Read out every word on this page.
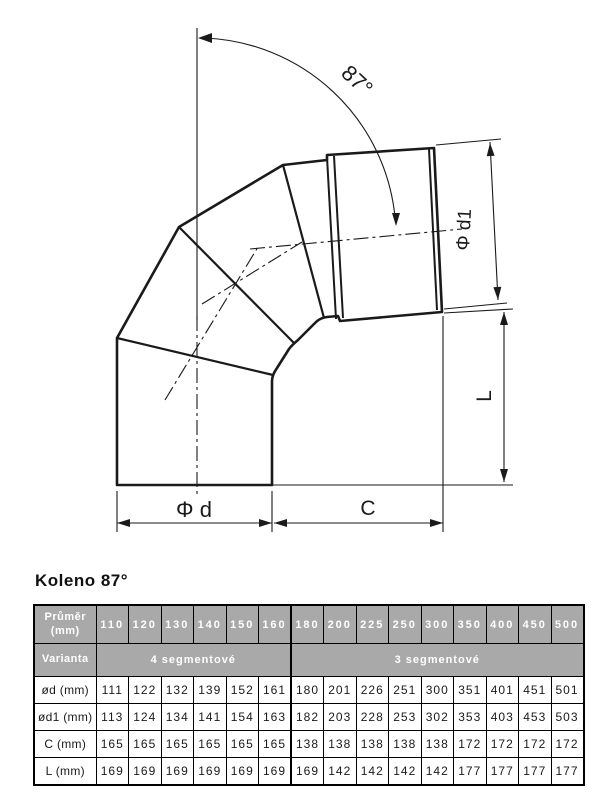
87°
Φ d1
L
Φ d	C
Koleno 87°
Průměr (mm)	110	120	130	140	150	160	180	200	225	250	300	350	400	450	500
Varianta	4 segmentové						3 segmentové								
ød (mm)	111	122	132	139	152	161	180	201	226	251	300	351	401	451	501
ød1 (mm)	113	124	134	141	154	163	182	203	228	253	302	353	403	453	503
C (mm)	165	165	165	165	165	165	138	138	138	138	138	172	172	172	172
L (mm)	169	169	169	169	169	169	169	142	142	142	142	177	177	177	177
